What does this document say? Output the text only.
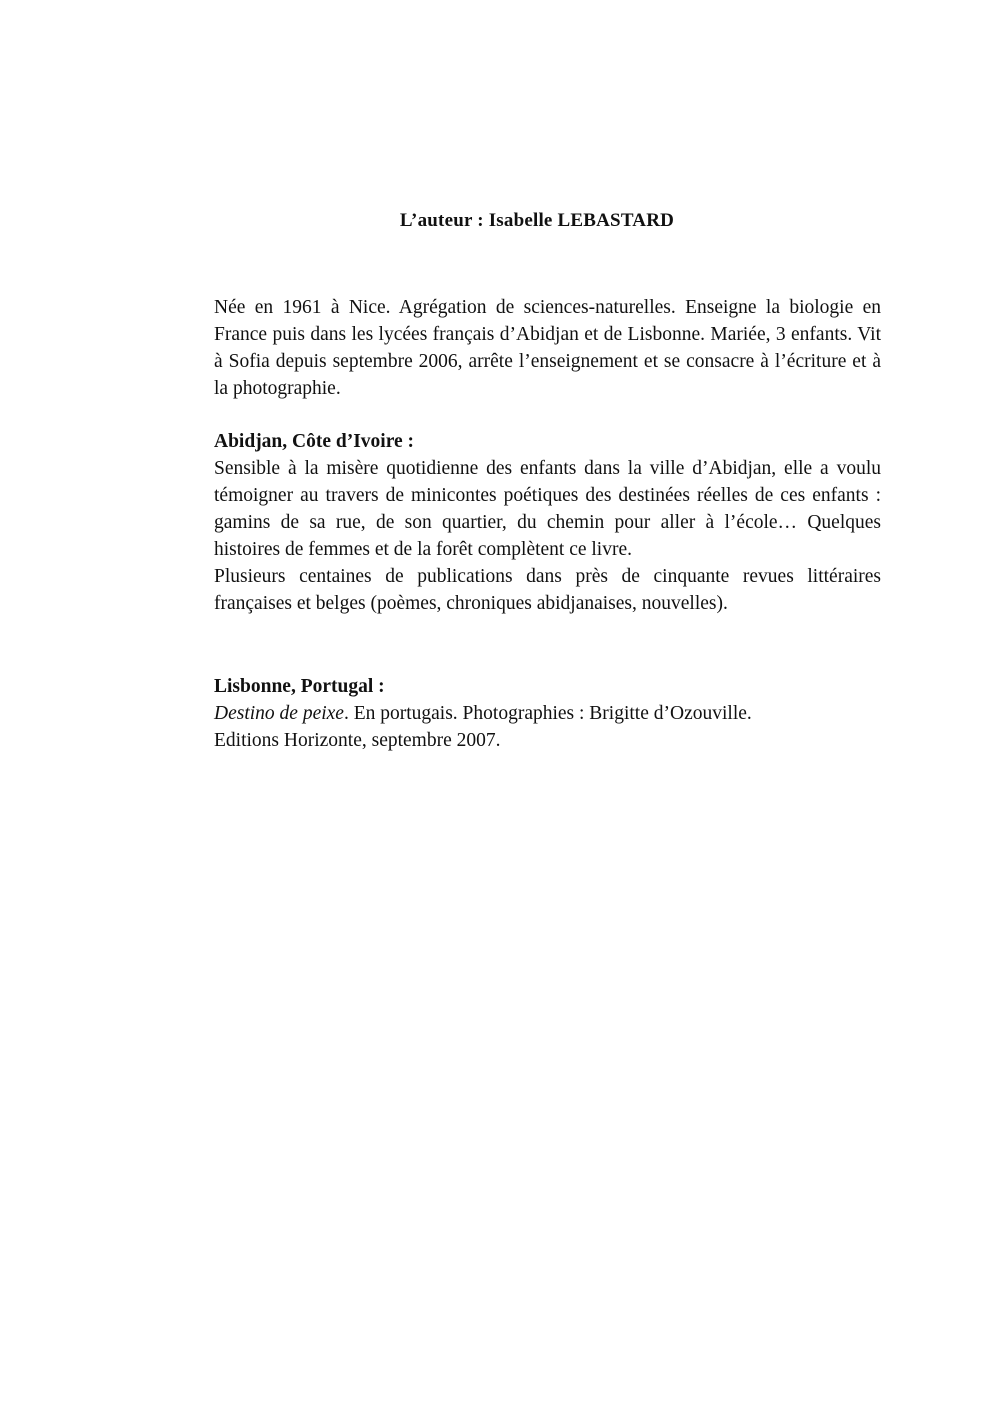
L’auteur : Isabelle LEBASTARD

Née en 1961 à Nice. Agrégation de sciences-naturelles. Enseigne la biologie en France puis dans les lycées français d’Abidjan et de Lisbonne. Mariée, 3 enfants. Vit à Sofia depuis septembre 2006, arrête l’enseignement et se consacre à l’écriture et à la photographie.

Abidjan, Côte d’Ivoire :

Sensible à la misère quotidienne des enfants dans la ville d’Abidjan, elle a voulu témoigner au travers de minicontes poétiques des destinées réelles de ces enfants : gamins de sa rue, de son quartier, du chemin pour aller à l’école… Quelques histoires de femmes et de la forêt complètent ce livre.

Plusieurs centaines de publications dans près de cinquante revues littéraires françaises et belges (poèmes, chroniques abidjanaises, nouvelles).

Lisbonne, Portugal :

Destino de peixe. En portugais. Photographies : Brigitte d’Ozouville.

Editions Horizonte, septembre 2007.
